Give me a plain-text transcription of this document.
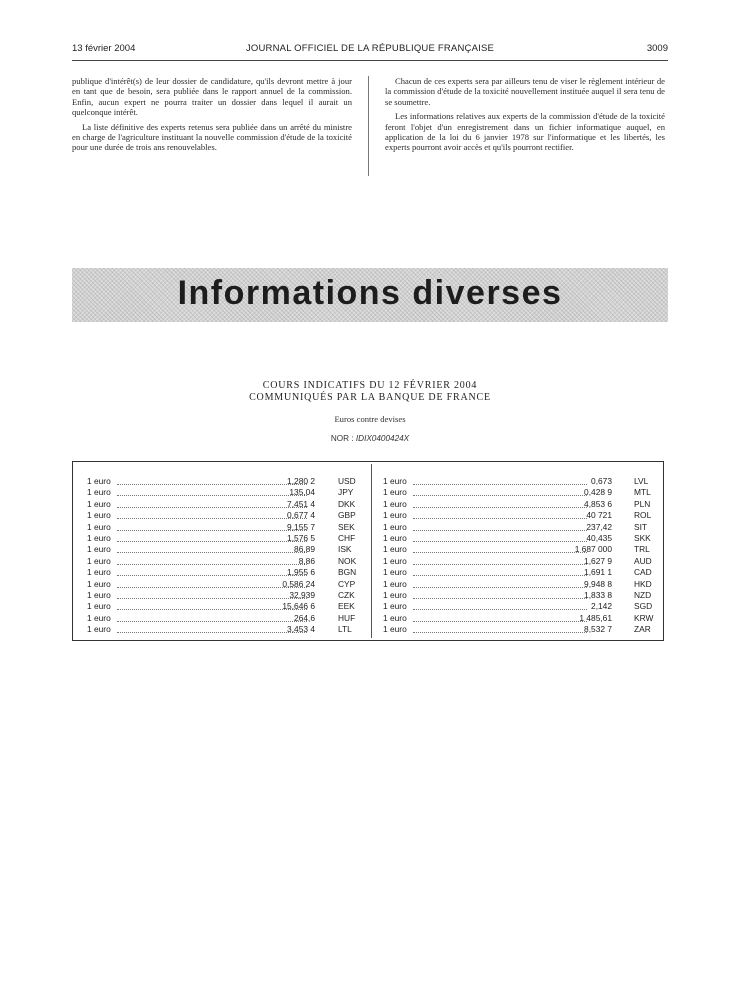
13 février 2004	JOURNAL OFFICIEL DE LA RÉPUBLIQUE FRANÇAISE	3009

publique d'intérêt(s) de leur dossier de candidature, qu'ils devront mettre à jour en tant que de besoin, sera publiée dans le rapport annuel de la commission. Enfin, aucun expert ne pourra traiter un dossier dans lequel il aurait un quelconque intérêt.

La liste définitive des experts retenus sera publiée dans un arrêté du ministre en charge de l'agriculture instituant la nouvelle commission d'étude de la toxicité pour une durée de trois ans renouvelables.

Chacun de ces experts sera par ailleurs tenu de viser le règlement intérieur de la commission d'étude de la toxicité nouvellement instituée auquel il sera tenu de se soumettre.

Les informations relatives aux experts de la commission d'étude de la toxicité feront l'objet d'un enregistrement dans un fichier informatique auquel, en application de la loi du 6 janvier 1978 sur l'informatique et les libertés, les experts pourront avoir accès et qu'ils pourront rectifier.

Informations diverses
COURS INDICATIFS DU 12 FÉVRIER 2004
COMMUNIQUÉS PAR LA BANQUE DE FRANCE
Euros contre devises
NOR : IDIX0400424X
1 euro	1,280 2	USD
1 euro	135,04	JPY
1 euro	7,451 4	DKK
1 euro	0,677 4	GBP
1 euro	9,155 7	SEK
1 euro	1,576 5	CHF
1 euro	86,89	ISK
1 euro	8,86	NOK
1 euro	1,955 6	BGN
1 euro	0,586 24	CYP
1 euro	32,939	CZK
1 euro	15,646 6	EEK
1 euro	264,6	HUF
1 euro	3,453 4	LTL
1 euro	0,673	LVL
1 euro	0,428 9	MTL
1 euro	4,853 6	PLN
1 euro	40 721	ROL
1 euro	237,42	SIT
1 euro	40,435	SKK
1 euro	1 687 000	TRL
1 euro	1,627 9	AUD
1 euro	1,691 1	CAD
1 euro	9,948 8	HKD
1 euro	1,833 8	NZD
1 euro	2,142	SGD
1 euro	1 485,61	KRW
1 euro	8,532 7	ZAR
